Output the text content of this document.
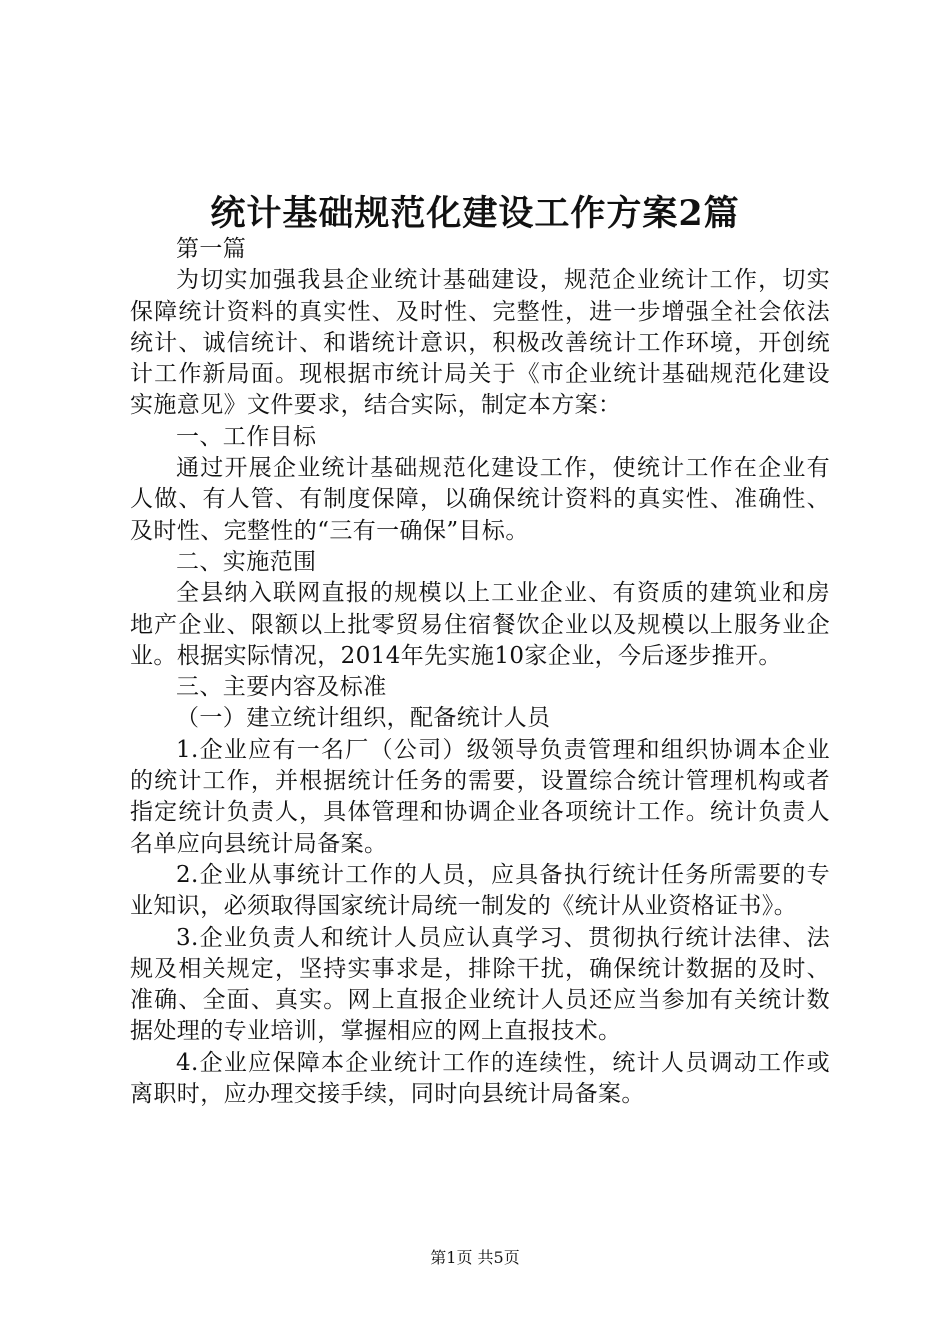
统计基础规范化建设工作方案2篇

第一篇

为切实加强我县企业统计基础建设，规范企业统计工作，切实保障统计资料的真实性、及时性、完整性，进一步增强全社会依法统计、诚信统计、和谐统计意识，积极改善统计工作环境，开创统计工作新局面。现根据市统计局关于《市企业统计基础规范化建设实施意见》文件要求，结合实际，制定本方案：

一、工作目标

通过开展企业统计基础规范化建设工作，使统计工作在企业有人做、有人管、有制度保障，以确保统计资料的真实性、准确性、及时性、完整性的“三有一确保”目标。

二、实施范围

全县纳入联网直报的规模以上工业企业、有资质的建筑业和房地产企业、限额以上批零贸易住宿餐饮企业以及规模以上服务业企业。根据实际情况，2014年先实施10家企业，今后逐步推开。

三、主要内容及标准

（一）建立统计组织，配备统计人员

1.企业应有一名厂（公司）级领导负责管理和组织协调本企业的统计工作，并根据统计任务的需要，设置综合统计管理机构或者指定统计负责人，具体管理和协调企业各项统计工作。统计负责人名单应向县统计局备案。

2.企业从事统计工作的人员，应具备执行统计任务所需要的专业知识，必须取得国家统计局统一制发的《统计从业资格证书》。

3.企业负责人和统计人员应认真学习、贯彻执行统计法律、法规及相关规定，坚持实事求是，排除干扰，确保统计数据的及时、准确、全面、真实。网上直报企业统计人员还应当参加有关统计数据处理的专业培训，掌握相应的网上直报技术。

4.企业应保障本企业统计工作的连续性，统计人员调动工作或离职时，应办理交接手续，同时向县统计局备案。

第1页 共5页
